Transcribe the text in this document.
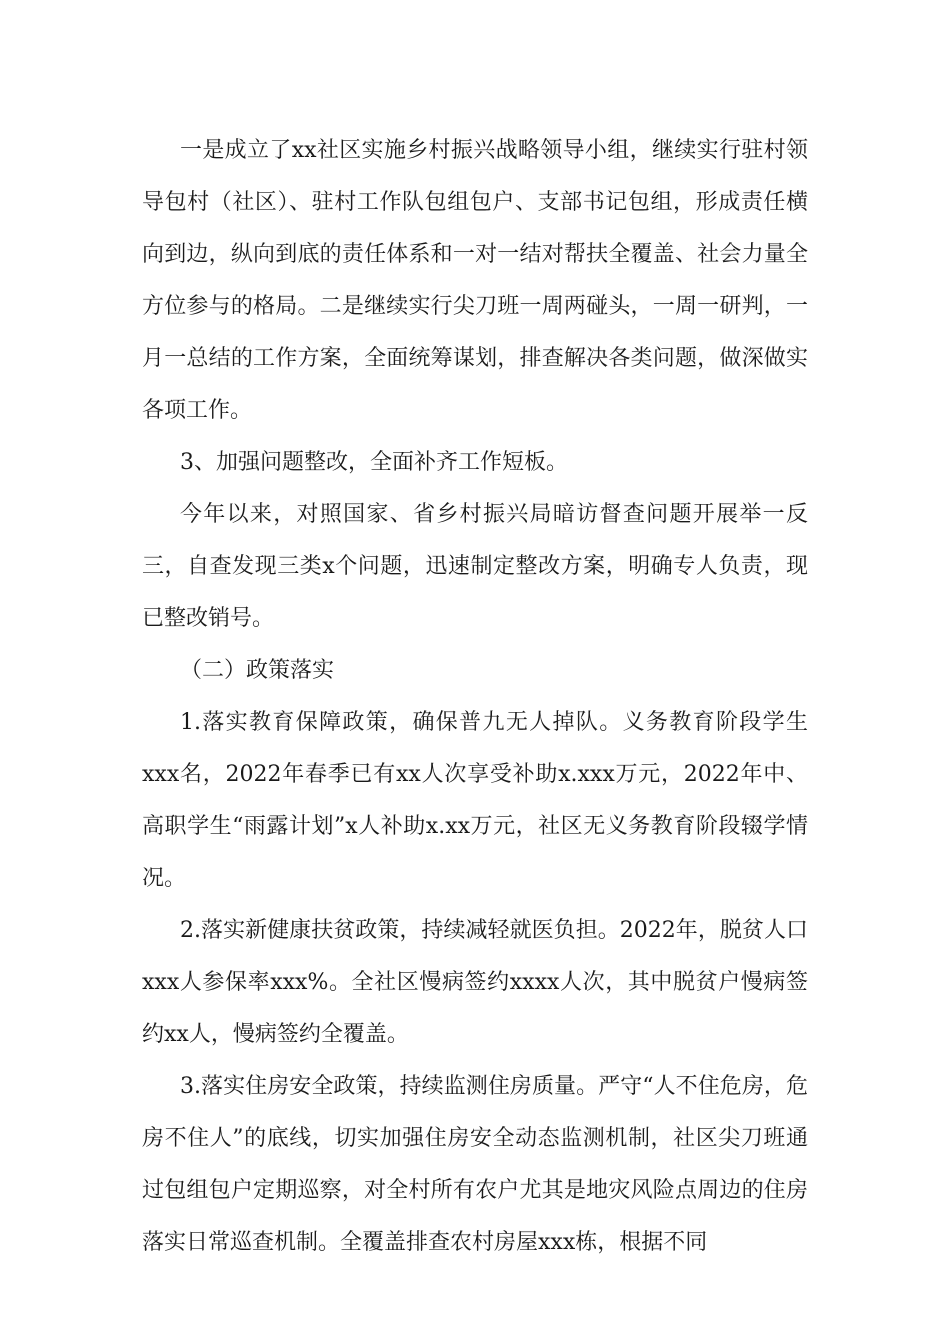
一是成立了xx社区实施乡村振兴战略领导小组，继续实行驻村领导包村（社区）、驻村工作队包组包户、支部书记包组，形成责任横向到边，纵向到底的责任体系和一对一结对帮扶全覆盖、社会力量全方位参与的格局。二是继续实行尖刀班一周两碰头，一周一研判，一月一总结的工作方案，全面统筹谋划，排查解决各类问题，做深做实各项工作。

3、加强问题整改，全面补齐工作短板。

今年以来，对照国家、省乡村振兴局暗访督查问题开展举一反三，自查发现三类x个问题，迅速制定整改方案，明确专人负责，现已整改销号。

（二）政策落实

1.落实教育保障政策，确保普九无人掉队。义务教育阶段学生xxx名，2022年春季已有xx人次享受补助x.xxx万元，2022年中、高职学生“雨露计划”x人补助x.xx万元，社区无义务教育阶段辍学情况。

2.落实新健康扶贫政策，持续减轻就医负担。2022年，脱贫人口xxx人参保率xxx%。全社区慢病签约xxxx人次，其中脱贫户慢病签约xx人，慢病签约全覆盖。

3.落实住房安全政策，持续监测住房质量。严守“人不住危房，危房不住人”的底线，切实加强住房安全动态监测机制，社区尖刀班通过包组包户定期巡察，对全村所有农户尤其是地灾风险点周边的住房落实日常巡查机制。全覆盖排查农村房屋xxx栋，根据不同
